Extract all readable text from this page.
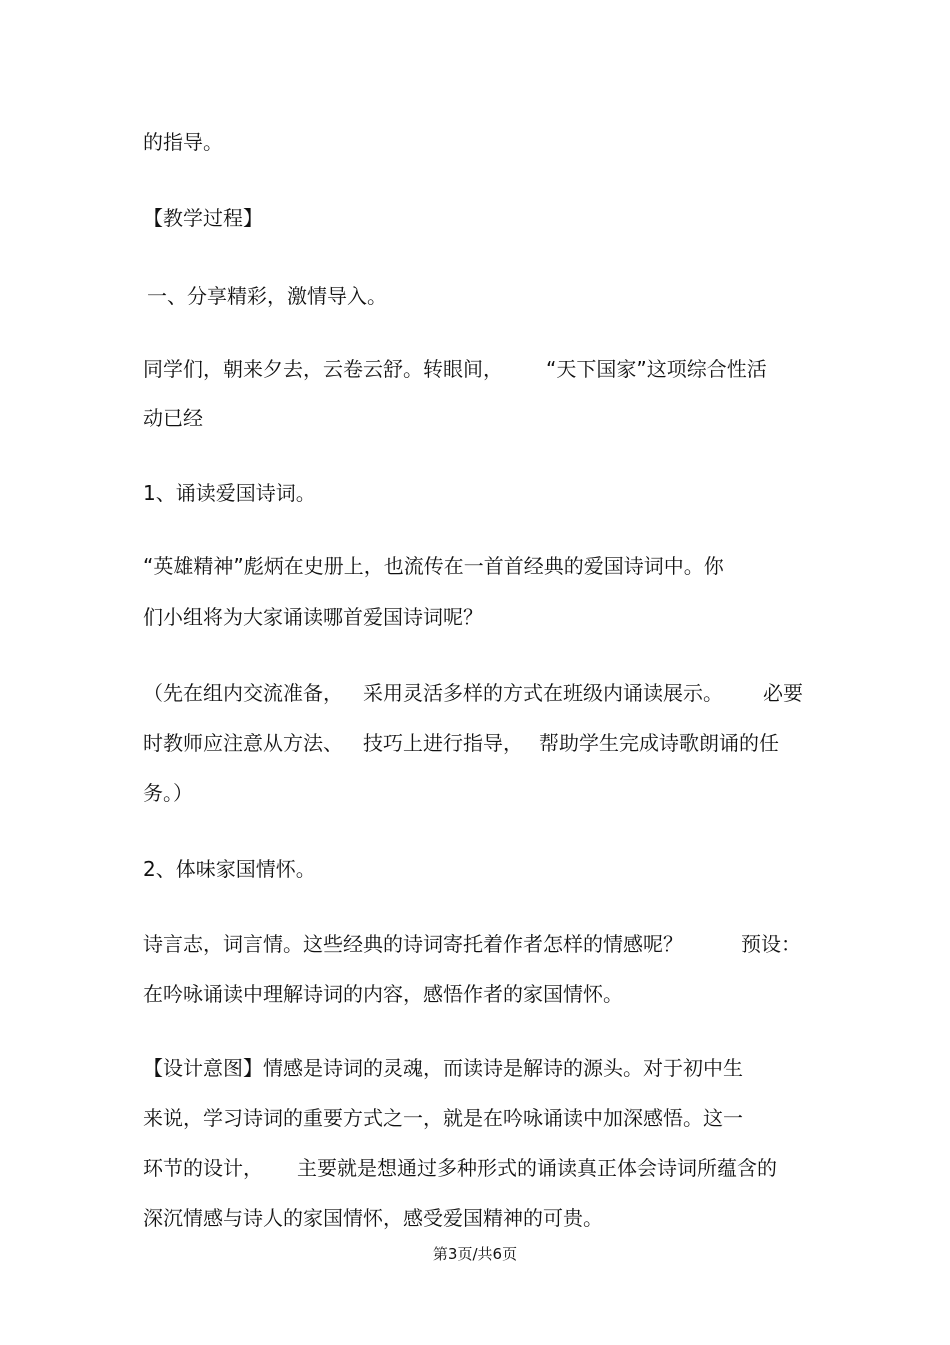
的指导。

【教学过程】

一、分享精彩，激情导入。

同学们，朝来夕去，云卷云舒。转眼间， “天下国家”这项综合性活

动已经

1、诵读爱国诗词。

“英雄精神”彪炳在史册上，也流传在一首首经典的爱国诗词中。你

们小组将为大家诵读哪首爱国诗词呢？

（先在组内交流准备， 采用灵活多样的方式在班级内诵读展示。 必要

时教师应注意从方法、 技巧上进行指导， 帮助学生完成诗歌朗诵的任

务。）

2、体味家国情怀。

诗言志，词言情。这些经典的诗词寄托着作者怎样的情感呢？	预设：

在吟咏诵读中理解诗词的内容，感悟作者的家国情怀。

【设计意图】情感是诗词的灵魂，而读诗是解诗的源头。对于初中生

来说，学习诗词的重要方式之一，就是在吟咏诵读中加深感悟。这一

环节的设计， 主要就是想通过多种形式的诵读真正体会诗词所蕴含的

深沉情感与诗人的家国情怀，感受爱国精神的可贵。

第3页/共6页
